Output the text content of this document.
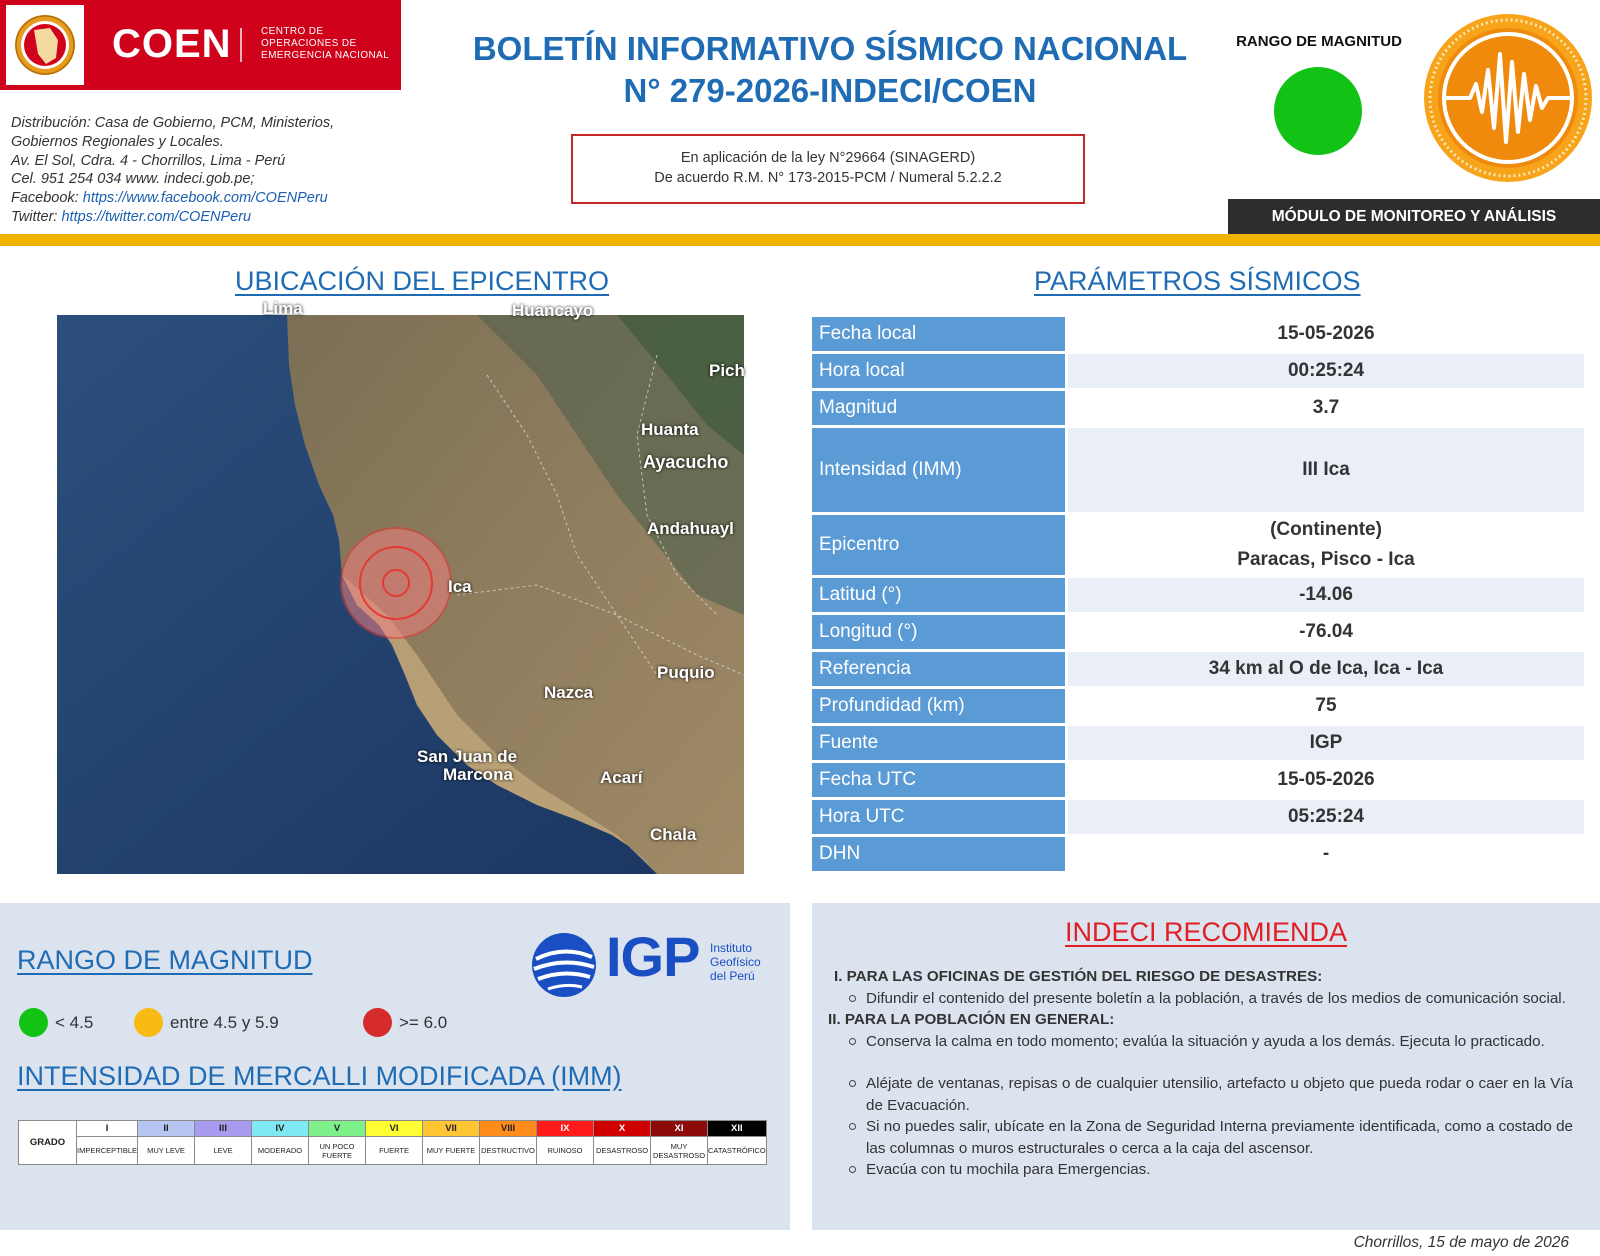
COEN	CENTRO DE
OPERACIONES DE
EMERGENCIA NACIONAL
Distribución: Casa de Gobierno, PCM, Ministerios,
Gobiernos Regionales y Locales.
Av. El Sol, Cdra. 4 - Chorrillos, Lima - Perú
Cel. 951 254 034 www. indeci.gob.pe;
Facebook: https://www.facebook.com/COENPeru
Twitter: https://twitter.com/COENPeru
BOLETÍN INFORMATIVO SÍSMICO NACIONAL
N° 279-2026-INDECI/COEN
En aplicación de la ley N°29664 (SINAGERD)
De acuerdo R.M. N° 173-2015-PCM / Numeral 5.2.2.2
RANGO DE MAGNITUD
MÓDULO DE MONITOREO Y ANÁLISIS
UBICACIÓN DEL EPICENTRO
Lima	Huancayo
Pich
Huanta
Ayacucho
Andahuayl
Ica
Puquio
Nazca
San Juan de
Marcona	Acarí
Chala
PARÁMETROS SÍSMICOS
Fecha local	15-05-2026
Hora local	00:25:24
Magnitud	3.7
Intensidad (IMM)	III Ica
Epicentro	(Continente)
Paracas, Pisco - Ica

Latitud (°)	-14.06
Longitud (°)	-76.04
Referencia	34 km al O de Ica, Ica - Ica
Profundidad (km)	75
Fuente	IGP
Fecha UTC	15-05-2026
Hora UTC	05:25:24
DHN	-
RANGO DE MAGNITUD	IGP Instituto
Geofísico
del Perú
< 4.5	entre 4.5 y 5.9	>= 6.0
INTENSIDAD DE MERCALLI MODIFICADA (IMM)
GRADO	I	II	III	IV	V	VI	VII	VIII	IX	X	XI	XII
	IMPERCEPTIBLE	MUY LEVE	LEVE	MODERADO	UN POCO FUERTE	FUERTE	MUY FUERTE	DESTRUCTIVO	RUINOSO	DESASTROSO	MUY DESASTROSO	CATASTRÓFICO
INDECI RECOMIENDA
I. PARA LAS OFICINAS DE GESTIÓN DEL RIESGO DE DESASTRES:
Difundir el contenido del presente boletín a la población, a través de los medios de comunicación social.
II. PARA LA POBLACIÓN EN GENERAL:
Conserva la calma en todo momento; evalúa la situación y ayuda a los demás. Ejecuta lo practicado.
Aléjate de ventanas, repisas o de cualquier utensilio, artefacto u objeto que pueda rodar o caer en la Vía de Evacuación.
Si no puedes salir, ubícate en la Zona de Seguridad Interna previamente identificada, como a costado de las columnas o muros estructurales o cerca a la caja del ascensor.
Evacúa con tu mochila para Emergencias.
Chorrillos, 15 de mayo de 2026
